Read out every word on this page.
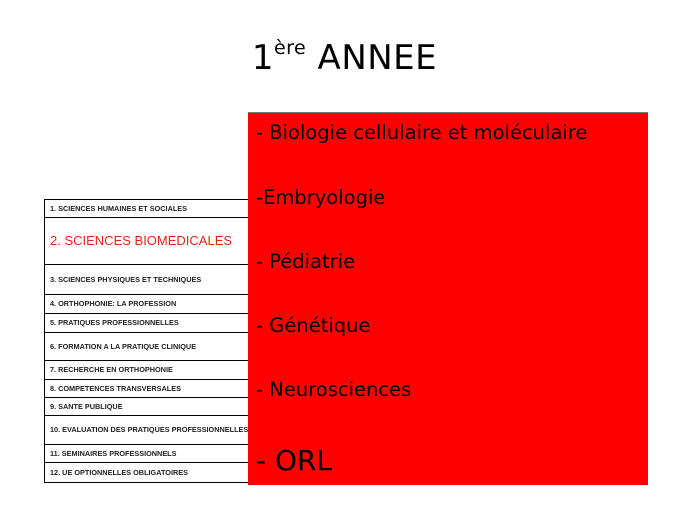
1ère ANNEE
1. SCIENCES HUMAINES ET SOCIALES
2. SCIENCES BIOMEDICALES
3. SCIENCES PHYSIQUES ET TECHNIQUES
4. ORTHOPHONIE: LA PROFESSION
5. PRATIQUES PROFESSIONNELLES
6. FORMATION A LA PRATIQUE CLINIQUE
7. RECHERCHE EN ORTHOPHONIE
8. COMPETENCES TRANSVERSALES
9. SANTE PUBLIQUE
10. EVALUATION DES PRATIQUES PROFESSIONNELLES
11. SEMINAIRES PROFESSIONNELS
12. UE OPTIONNELLES OBLIGATOIRES
- Biologie cellulaire et moléculaire
-Embryologie
- Pédiatrie
- Génétique
- Neurosciences
- ORL
